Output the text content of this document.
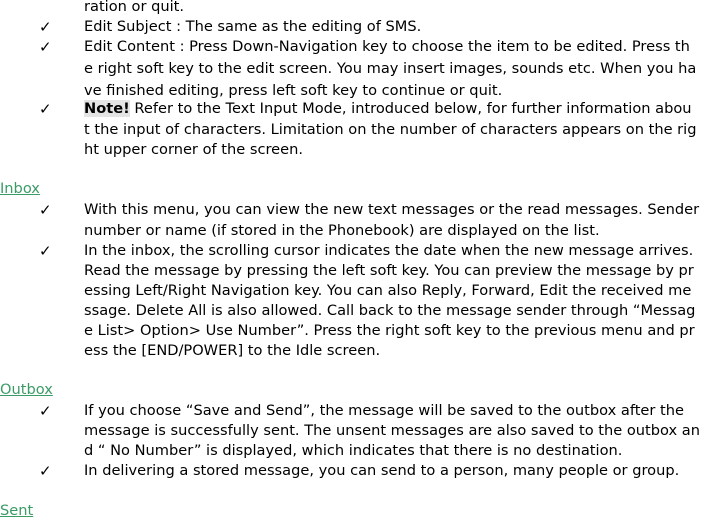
ration or quit.
✓	Edit Subject : The same as the editing of SMS.
✓	Edit Content : Press Down-Navigation key to choose the item to be edited. Press th
e right soft key to the edit screen. You may insert images, sounds etc. When you ha
ve finished editing, press left soft key to continue or quit.
✓	Note! Refer to the Text Input Mode, introduced below, for further information abou
t the input of characters. Limitation on the number of characters appears on the rig
ht upper corner of the screen.
Inbox
✓	With this menu, you can view the new text messages or the read messages. Sender
number or name (if stored in the Phonebook) are displayed on the list.
✓	In the inbox, the scrolling cursor indicates the date when the new message arrives.
Read the message by pressing the left soft key. You can preview the message by pr
essing Left/Right Navigation key. You can also Reply, Forward, Edit the received me
ssage. Delete All is also allowed. Call back to the message sender through “Messag
e List> Option> Use Number”. Press the right soft key to the previous menu and pr
ess the [END/POWER] to the Idle screen.
Outbox
✓	If you choose “Save and Send”, the message will be saved to the outbox after the
message is successfully sent. The unsent messages are also saved to the outbox an
d “ No Number” is displayed, which indicates that there is no destination.
✓	In delivering a stored message, you can send to a person, many people or group.
Sent
